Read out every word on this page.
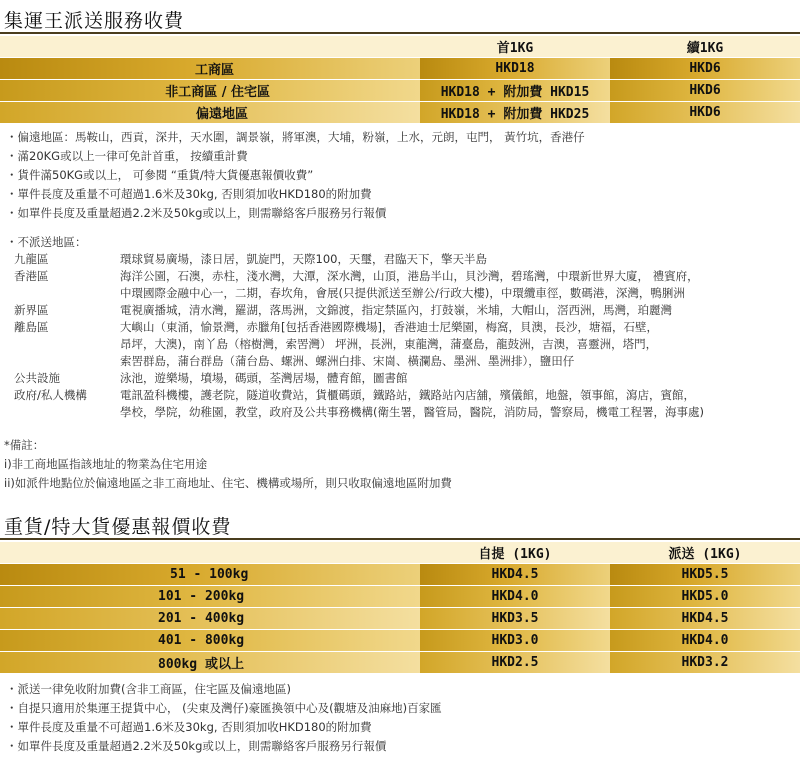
集運王派送服務收費
	首1KG	續1KG
工商區	HKD18	HKD6
非工商區 / 住宅區	HKD18 + 附加費 HKD15	HKD6
偏遠地區	HKD18 + 附加費 HKD25	HKD6
・偏遠地區：馬鞍山，西貢，深井，天水圍，調景嶺，將軍澳，大埔，粉嶺，上水，元朗，屯門， 黃竹坑，香港仔
・滿20KG或以上一律可免計首重， 按續重計費
・貨件滿50KG或以上， 可參閱 “重貨/特大貨優惠報價收費”
・單件長度及重量不可超過1.6米及30kg, 否則須加收HKD180的附加費
・如單件長度及重量超過2.2米及50kg或以上，則需聯絡客戶服務另行報價
・不派送地區：
九龍區	環球貿易廣場，漆日居，凱旋門，天際100，天璽，君臨天下，擎天半島
香港區	海洋公園，石澳，赤柱，淺水灣，大潭，深水灣，山頂，港島半山，貝沙灣，碧瑤灣，中環新世界大廈， 禮賓府，
中環國際金融中心一，二期，春坎角，會展(只提供派送至辦公/行政大樓)，中環纜車徑，數碼港，深灣，鴨脷洲
新界區	電視廣播城，清水灣，羅湖，落馬洲，文錦渡，指定禁區內，打鼓嶺，米埔，大帽山，滘西洲，馬灣，珀麗灣
離島區	大嶼山（東涌，愉景灣，赤臘角[包括香港國際機場]，香港迪士尼樂園，梅窩，貝澳，長沙，塘福，石壁，
昂坪，大澳)，南丫島（榕樹灣，索罟灣） 坪洲，長洲，東龍灣，蒲臺島，龍鼓洲，吉澳，喜靈洲，塔門，
索罟群島，蒲台群島（蒲台島、螺洲、螺洲白排、宋崗、橫瀾島、墨洲、墨洲排），鹽田仔
公共設施	泳池，遊樂場，墳場，碼頭，荃灣居場，體育館，圖書館
政府/私人機構	電訊盈科機樓，護老院，隧道收費站，貨櫃碼頭，鐵路站，鐵路站內店舖，殯儀館，地盤，領事館，瀉店，賓館，
學校，學院，幼稚園，教堂，政府及公共事務機構(衛生署，醫管局，醫院，消防局，警察局，機電工程署，海事處)
*備註：
i)非工商地區指該地址的物業為住宅用途
ii)如派件地點位於偏遠地區之非工商地址、住宅、機構或場所，則只收取偏遠地區附加費
重貨/特大貨優惠報價收費
	自提 (1KG)	派送 (1KG)
51 - 100kg	HKD4.5	HKD5.5
101 - 200kg	HKD4.0	HKD5.0
201 - 400kg	HKD3.5	HKD4.5
401 - 800kg	HKD3.0	HKD4.0
800kg 或以上	HKD2.5	HKD3.2
・派送一律免收附加費(含非工商區，住宅區及偏遠地區)
・自提只適用於集運王提貨中心， (尖東及灣仔)豪匯換領中心及(觀塘及油麻地)百家匯
・單件長度及重量不可超過1.6米及30kg, 否則須加收HKD180的附加費
・如單件長度及重量超過2.2米及50kg或以上，則需聯絡客戶服務另行報價
